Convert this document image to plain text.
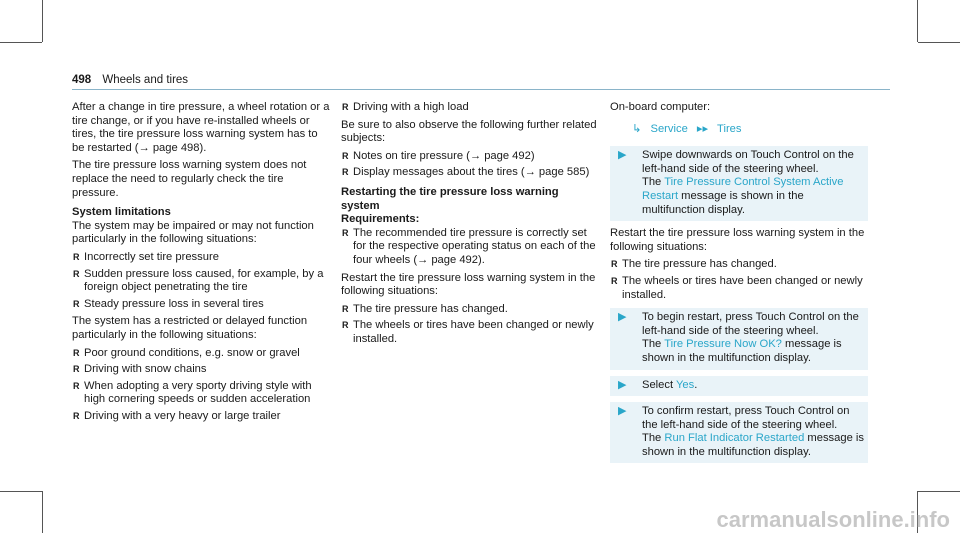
498 Wheels and tires

After a change in tire pressure, a wheel rotation or a tire change, or if you have re-installed wheels or tires, the tire pressure loss warning system has to be restarted (→ page 498).

The tire pressure loss warning system does not replace the need to regularly check the tire pressure.

System limitations

The system may be impaired or may not function particularly in the following situations:

R Incorrectly set tire pressure
R Sudden pressure loss caused, for example, by a foreign object penetrating the tire
R Steady pressure loss in several tires

The system has a restricted or delayed function particularly in the following situations:

R Poor ground conditions, e.g. snow or gravel
R Driving with snow chains
R When adopting a very sporty driving style with high cornering speeds or sudden acceleration
R Driving with a very heavy or large trailer
R Driving with a high load

Be sure to also observe the following further related subjects:

R Notes on tire pressure (→ page 492)
R Display messages about the tires (→ page 585)
Restarting the tire pressure loss warning system
Requirements:
R The recommended tire pressure is correctly set for the respective operating status on each of the four wheels (→ page 492).

Restart the tire pressure loss warning system in the following situations:

R The tire pressure has changed.
R The wheels or tires have been changed or newly installed.

On-board computer:

↳ Service ▸▸ Tires
▶ Swipe downwards on Touch Control on the left-hand side of the steering wheel.
The Tire Pressure Control System Active Restart message is shown in the multifunction display.

Restart the tire pressure loss warning system in the following situations:

R The tire pressure has changed.
R The wheels or tires have been changed or newly installed.
▶ To begin restart, press Touch Control on the left-hand side of the steering wheel.
The Tire Pressure Now OK? message is shown in the multifunction display.
▶ Select Yes.
▶ To confirm restart, press Touch Control on the left-hand side of the steering wheel.
The Run Flat Indicator Restarted message is shown in the multifunction display.
carmanualsonline.info
